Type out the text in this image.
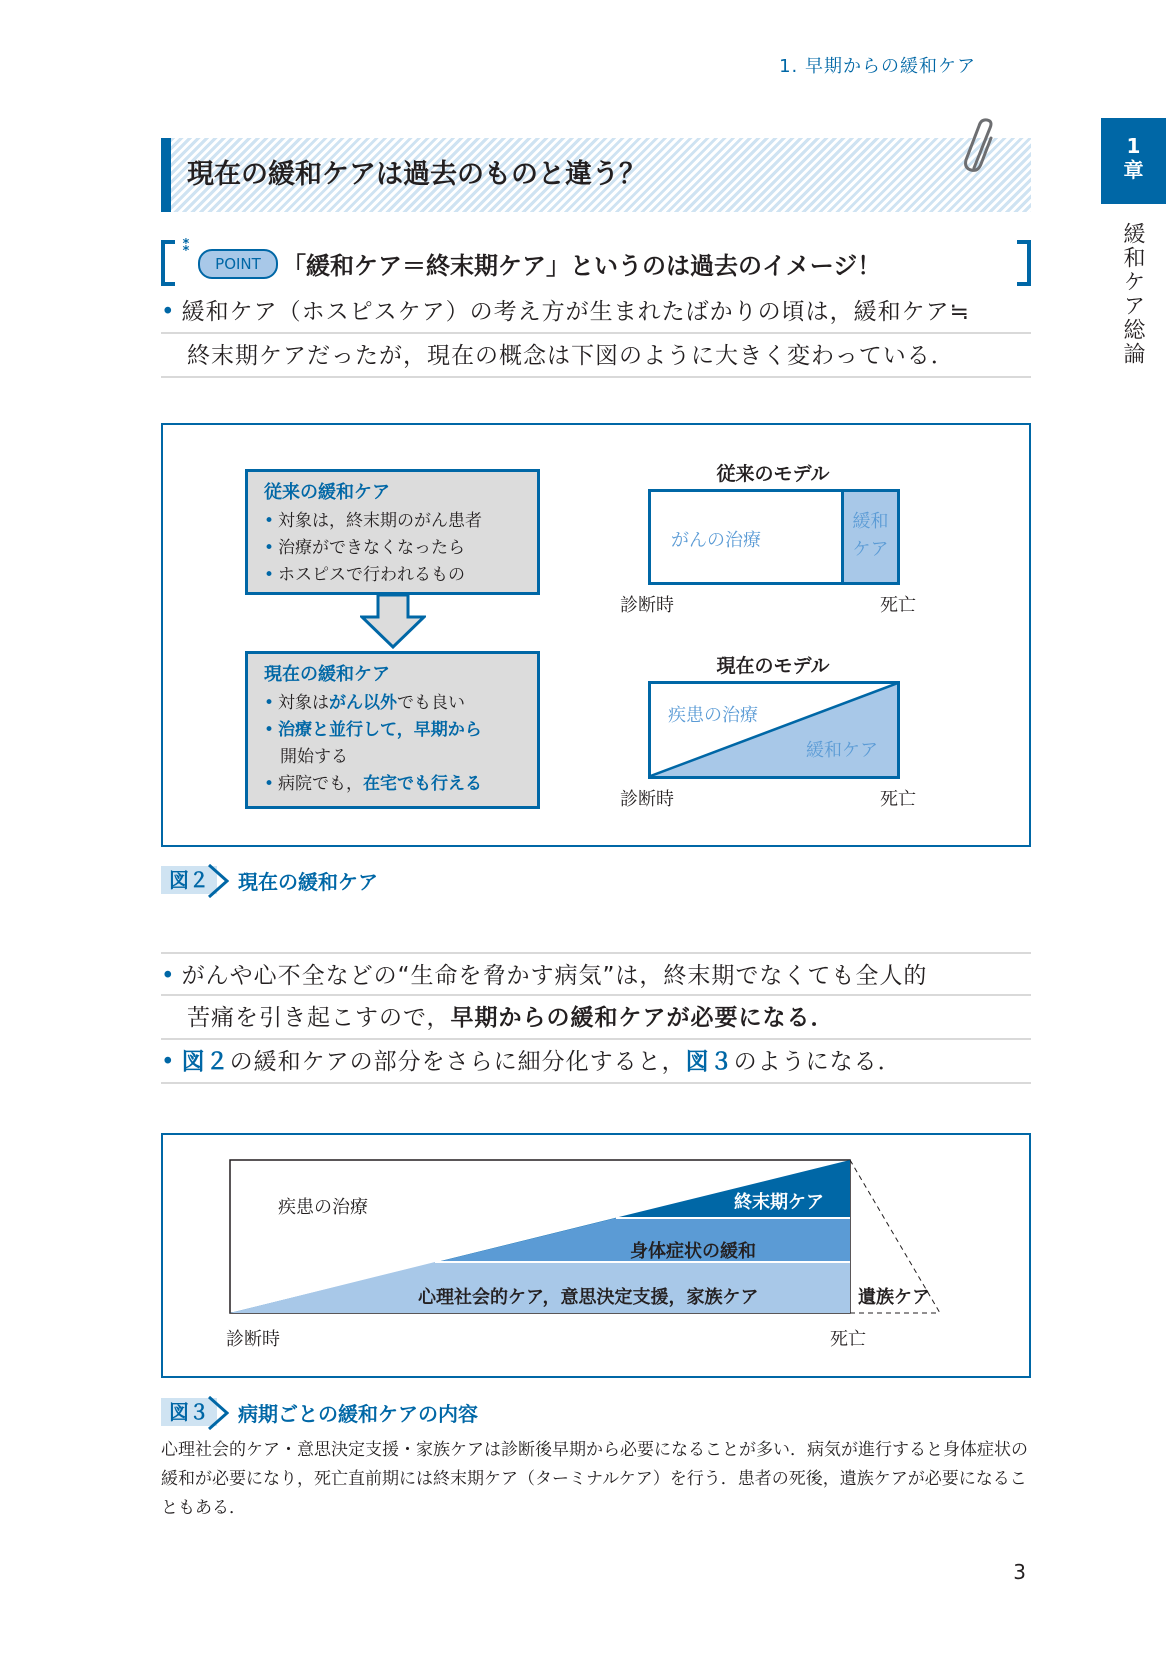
1. 早期からの緩和ケア
1
章
緩和ケア総論
現在の緩和ケアは過去のものと違う？
⁑
POINT 「緩和ケア＝終末期ケア」というのは過去のイメージ！
• 緩和ケア（ホスピスケア）の考え方が生まれたばかりの頃は，緩和ケア≒
終末期ケアだったが，現在の概念は下図のように大きく変わっている．
従来の緩和ケア
• 対象は，終末期のがん患者
• 治療ができなくなったら
• ホスピスで行われるもの
現在の緩和ケア
• 対象はがん以外でも良い
• 治療と並行して，早期から
開始する
• 病院でも，在宅でも行える
従来のモデル
がんの治療
緩和
ケア
診断時	死亡
現在のモデル
疾患の治療
緩和ケア
診断時	死亡
図２	現在の緩和ケア
• がんや心不全などの“生命を脅かす病気”は，終末期でなくても全人的
苦痛を引き起こすので，早期からの緩和ケアが必要になる．
• 図２の緩和ケアの部分をさらに細分化すると，図３のようになる．
疾患の治療	終末期ケア
身体症状の緩和
心理社会的ケア，意思決定支援，家族ケア	遺族ケア
診断時	死亡
図３	病期ごとの緩和ケアの内容
心理社会的ケア・意思決定支援・家族ケアは診断後早期から必要になることが多い．病気が進行すると身体症状の緩和が必要になり，死亡直前期には終末期ケア（ターミナルケア）を行う．患者の死後，遺族ケアが必要になることもある．
3
